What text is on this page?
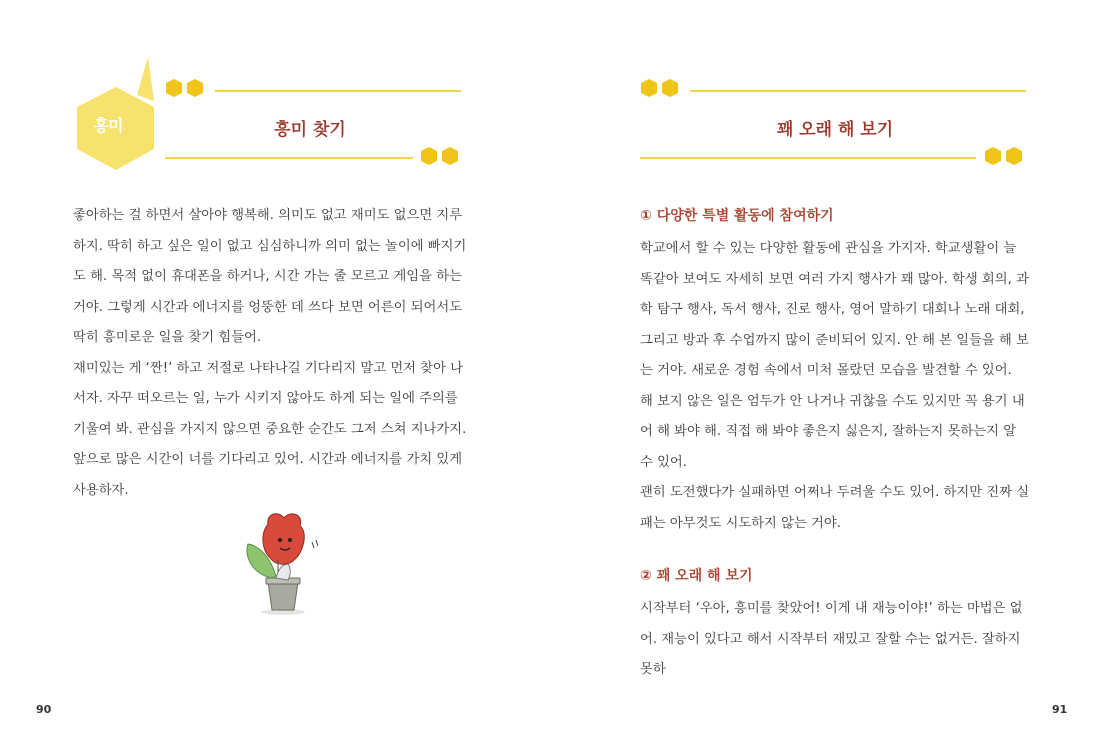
흥미	흥미 찾기

좋아하는 걸 하면서 살아야 행복해. 의미도 없고 재미도 없으면 지루하지. 딱히 하고 싶은 일이 없고 심심하니까 의미 없는 놀이에 빠지기도 해. 목적 없이 휴대폰을 하거나, 시간 가는 줄 모르고 게임을 하는 거야. 그렇게 시간과 에너지를 엉뚱한 데 쓰다 보면 어른이 되어서도 딱히 흥미로운 일을 찾기 힘들어.

재미있는 게 ‘짠!’ 하고 저절로 나타나길 기다리지 말고 먼저 찾아 나서자. 자꾸 떠오르는 일, 누가 시키지 않아도 하게 되는 일에 주의를 기울여 봐. 관심을 가지지 않으면 중요한 순간도 그저 스쳐 지나가지.

앞으로 많은 시간이 너를 기다리고 있어. 시간과 에너지를 가치 있게 사용하자.

90
꽤 오래 해 보기
① 다양한 특별 활동에 참여하기

학교에서 할 수 있는 다양한 활동에 관심을 가지자. 학교생활이 늘 똑같아 보여도 자세히 보면 여러 가지 행사가 꽤 많아. 학생 회의, 과학 탐구 행사, 독서 행사, 진로 행사, 영어 말하기 대회나 노래 대회, 그리고 방과 후 수업까지 많이 준비되어 있지. 안 해 본 일들을 해 보는 거야. 새로운 경험 속에서 미처 몰랐던 모습을 발견할 수 있어.

해 보지 않은 일은 엄두가 안 나거나 귀찮을 수도 있지만 꼭 용기 내어 해 봐야 해. 직접 해 봐야 좋은지 싫은지, 잘하는지 못하는지 알 수 있어.

괜히 도전했다가 실패하면 어쩌나 두려울 수도 있어. 하지만 진짜 실패는 아무것도 시도하지 않는 거야.

② 꽤 오래 해 보기

시작부터 ‘우아, 흥미를 찾았어! 이게 내 재능이야!’ 하는 마법은 없어. 재능이 있다고 해서 시작부터 재밌고 잘할 수는 없거든. 잘하지 못하

91
